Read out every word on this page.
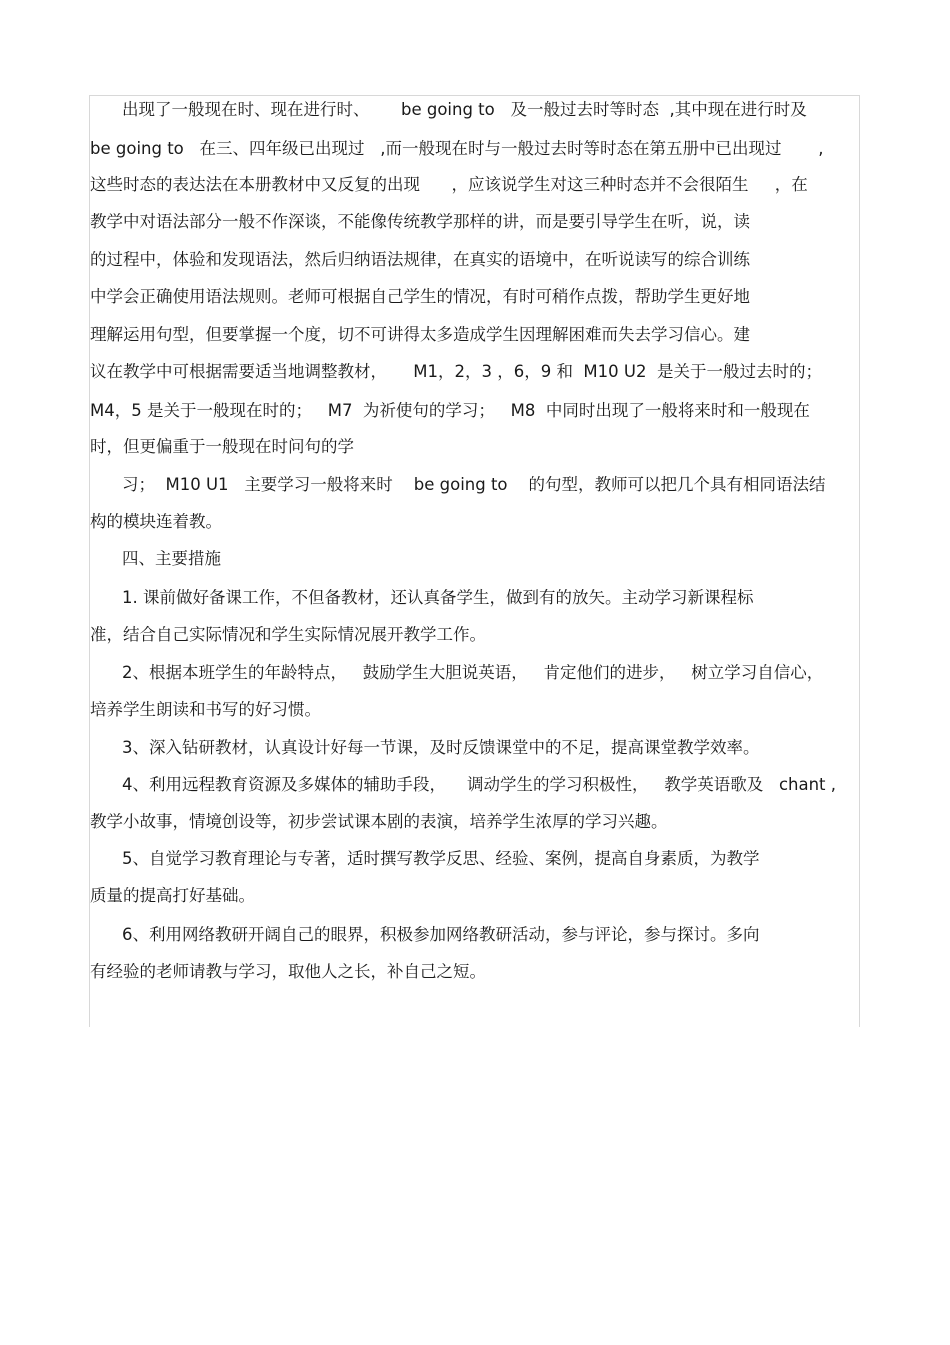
出现了一般现在时、现在进行时、      be going to   及一般过去时等时态  ,其中现在进行时及
be going to   在三、四年级已出现过   ,而一般现在时与一般过去时等时态在第五册中已出现过       ,
这些时态的表达法在本册教材中又反复的出现      ，应该说学生对这三种时态并不会很陌生     ，在
教学中对语法部分一般不作深谈，不能像传统教学那样的讲，而是要引导学生在听，说，读
的过程中，体验和发现语法，然后归纳语法规律，在真实的语境中，在听说读写的综合训练
中学会正确使用语法规则。老师可根据自己学生的情况，有时可稍作点拨，帮助学生更好地
理解运用句型，但要掌握一个度，切不可讲得太多造成学生因理解困难而失去学习信心。建
议在教学中可根据需要适当地调整教材，     M1，2，3 ，6，9 和  M10 U2  是关于一般过去时的；
M4，5 是关于一般现在时的；   M7  为祈使句的学习；   M8  中同时出现了一般将来时和一般现在
时，但更偏重于一般现在时问句的学
习；  M10 U1   主要学习一般将来时    be going to    的句型，教师可以把几个具有相同语法结
构的模块连着教。
四、主要措施
1. 课前做好备课工作，不但备教材，还认真备学生，做到有的放矢。主动学习新课程标
准，结合自己实际情况和学生实际情况展开教学工作。
2、根据本班学生的年龄特点，   鼓励学生大胆说英语，   肯定他们的进步，   树立学习自信心，
培养学生朗读和书写的好习惯。
3、深入钻研教材，认真设计好每一节课，及时反馈课堂中的不足，提高课堂教学效率。
4、利用远程教育资源及多媒体的辅助手段，    调动学生的学习积极性，   教学英语歌及   chant ,
教学小故事，情境创设等，初步尝试课本剧的表演，培养学生浓厚的学习兴趣。
5、自觉学习教育理论与专著，适时撰写教学反思、经验、案例，提高自身素质，为教学
质量的提高打好基础。
6、利用网络教研开阔自己的眼界，积极参加网络教研活动，参与评论，参与探讨。多向
有经验的老师请教与学习，取他人之长，补自己之短。
